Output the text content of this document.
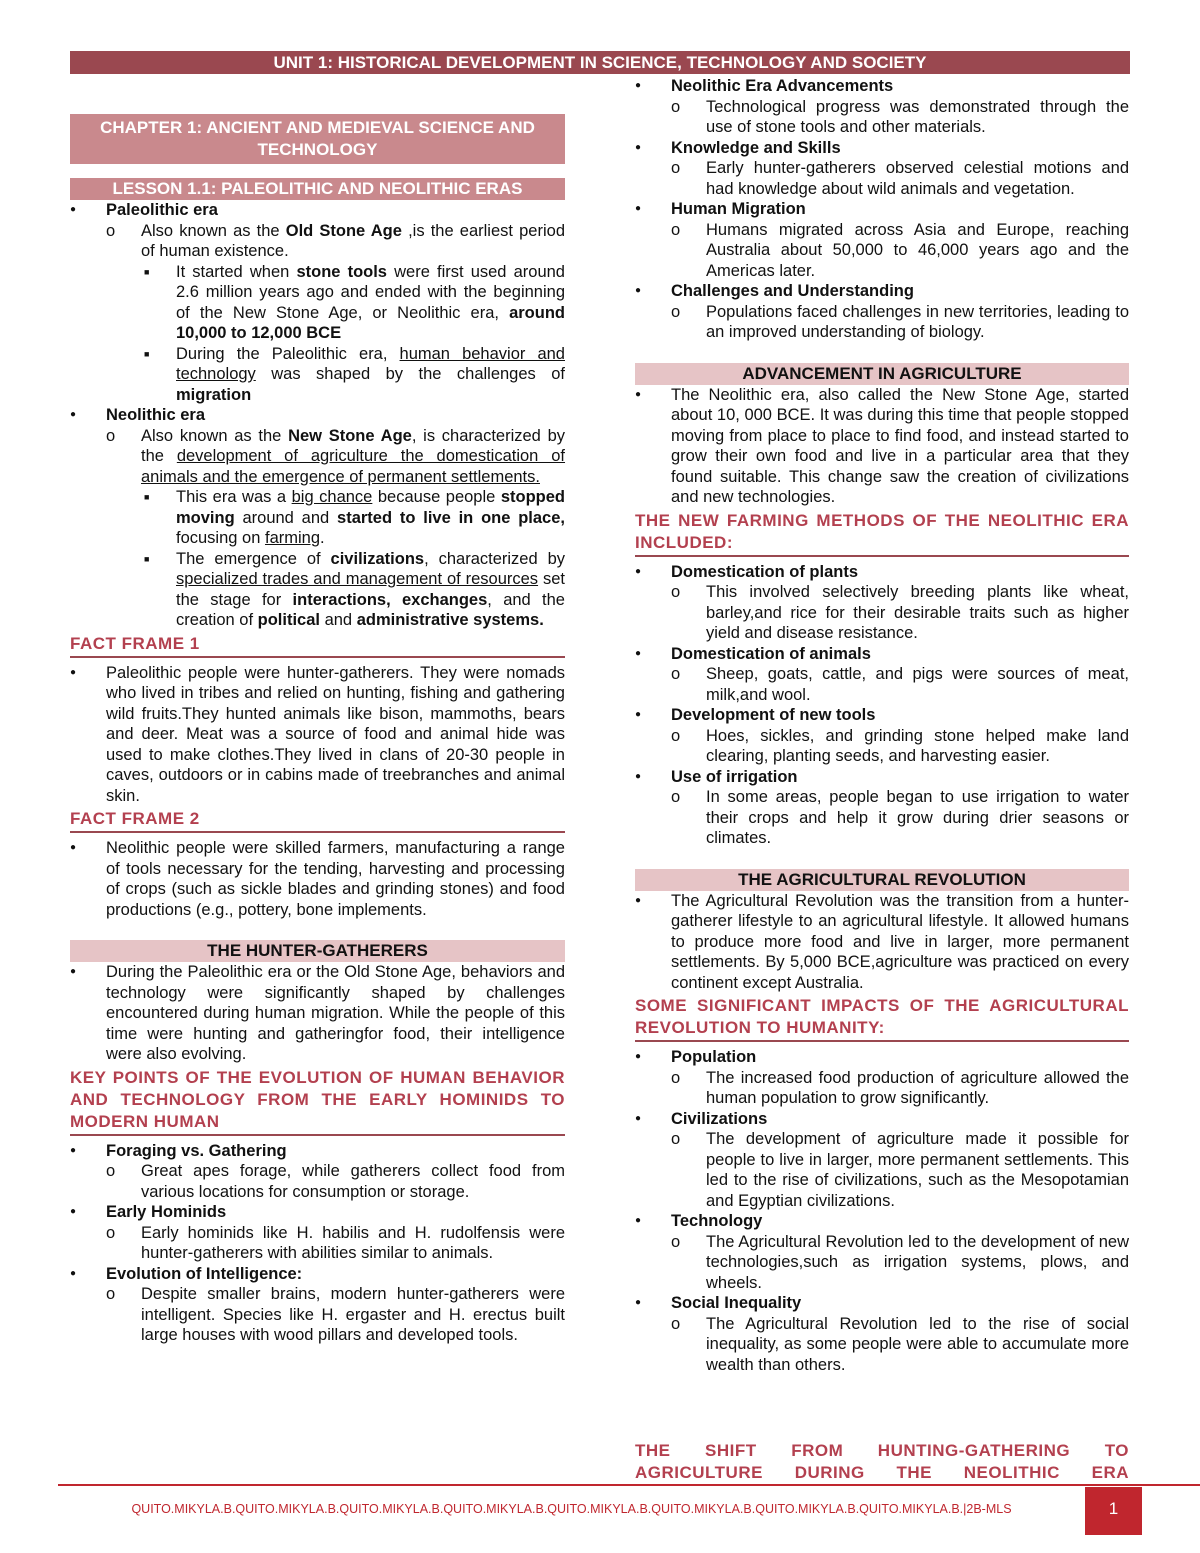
UNIT 1: HISTORICAL DEVELOPMENT IN SCIENCE, TECHNOLOGY AND SOCIETY
CHAPTER 1: ANCIENT AND MEDIEVAL SCIENCE AND TECHNOLOGY
LESSON 1.1: PALEOLITHIC AND NEOLITHIC ERAS
● Paleolithic era
o Also known as the Old Stone Age ,is the earliest period of human existence.
■ It started when stone tools were first used around 2.6 million years ago and ended with the beginning of the New Stone Age, or Neolithic era, around 10,000 to 12,000 BCE
■ During the Paleolithic era, human behavior and technology was shaped by the challenges of migration
● Neolithic era
o Also known as the New Stone Age, is characterized by the development of agriculture the domestication of animals and the emergence of permanent settlements.
■ This era was a big chance because people stopped moving around and started to live in one place, focusing on farming.
■ The emergence of civilizations, characterized by specialized trades and management of resources set the stage for interactions, exchanges, and the creation of political and administrative systems.
FACT FRAME 1
● Paleolithic people were hunter-gatherers. They were nomads who lived in tribes and relied on hunting, fishing and gathering wild fruits.They hunted animals like bison, mammoths, bears and deer. Meat was a source of food and animal hide was used to make clothes.They lived in clans of 20-30 people in caves, outdoors or in cabins made of treebranches and animal skin.
FACT FRAME 2
● Neolithic people were skilled farmers, manufacturing a range of tools necessary for the tending, harvesting and processing of crops (such as sickle blades and grinding stones) and food productions (e.g., pottery, bone implements.
THE HUNTER-GATHERERS
● During the Paleolithic era or the Old Stone Age, behaviors and technology were significantly shaped by challenges encountered during human migration. While the people of this time were hunting and gatheringfor food, their intelligence were also evolving.
KEY POINTS OF THE EVOLUTION OF HUMAN BEHAVIOR AND TECHNOLOGY FROM THE EARLY HOMINIDS TO MODERN HUMAN
● Foraging vs. Gathering
o Great apes forage, while gatherers collect food from various locations for consumption or storage.
● Early Hominids
o Early hominids like H. habilis and H. rudolfensis were hunter-gatherers with abilities similar to animals.
● Evolution of Intelligence:
o Despite smaller brains, modern hunter-gatherers were intelligent. Species like H. ergaster and H. erectus built large houses with wood pillars and developed tools.
● Neolithic Era Advancements
o Technological progress was demonstrated through the use of stone tools and other materials.
● Knowledge and Skills
o Early hunter-gatherers observed celestial motions and had knowledge about wild animals and vegetation.
● Human Migration
o Humans migrated across Asia and Europe, reaching Australia about 50,000 to 46,000 years ago and the Americas later.
● Challenges and Understanding
o Populations faced challenges in new territories, leading to an improved understanding of biology.
ADVANCEMENT IN AGRICULTURE
● The Neolithic era, also called the New Stone Age, started about 10, 000 BCE. It was during this time that people stopped moving from place to place to find food, and instead started to grow their own food and live in a particular area that they found suitable. This change saw the creation of civilizations and new technologies.
THE NEW FARMING METHODS OF THE NEOLITHIC ERA INCLUDED:
● Domestication of plants
o This involved selectively breeding plants like wheat, barley,and rice for their desirable traits such as higher yield and disease resistance.
● Domestication of animals
o Sheep, goats, cattle, and pigs were sources of meat, milk,and wool.
● Development of new tools
o Hoes, sickles, and grinding stone helped make land clearing, planting seeds, and harvesting easier.
● Use of irrigation
o In some areas, people began to use irrigation to water their crops and help it grow during drier seasons or climates.
THE AGRICULTURAL REVOLUTION
● The Agricultural Revolution was the transition from a hunter-gatherer lifestyle to an agricultural lifestyle. It allowed humans to produce more food and live in larger, more permanent settlements. By 5,000 BCE,agriculture was practiced on every continent except Australia.
SOME SIGNIFICANT IMPACTS OF THE AGRICULTURAL REVOLUTION TO HUMANITY:
● Population
o The increased food production of agriculture allowed the human population to grow significantly.
● Civilizations
o The development of agriculture made it possible for people to live in larger, more permanent settlements. This led to the rise of civilizations, such as the Mesopotamian and Egyptian civilizations.
● Technology
o The Agricultural Revolution led to the development of new technologies,such as irrigation systems, plows, and wheels.
● Social Inequality
o The Agricultural Revolution led to the rise of social inequality, as some people were able to accumulate more wealth than others.
THE SHIFT FROM HUNTING-GATHERING TO AGRICULTURE DURING THE NEOLITHIC ERA
QUITO.MIKYLA.B.QUITO.MIKYLA.B.QUITO.MIKYLA.B.QUITO.MIKYLA.B.QUITO.MIKYLA.B.QUITO.MIKYLA.B.QUITO.MIKYLA.B.QUITO.MIKYLA.B.|2B-MLS	1
